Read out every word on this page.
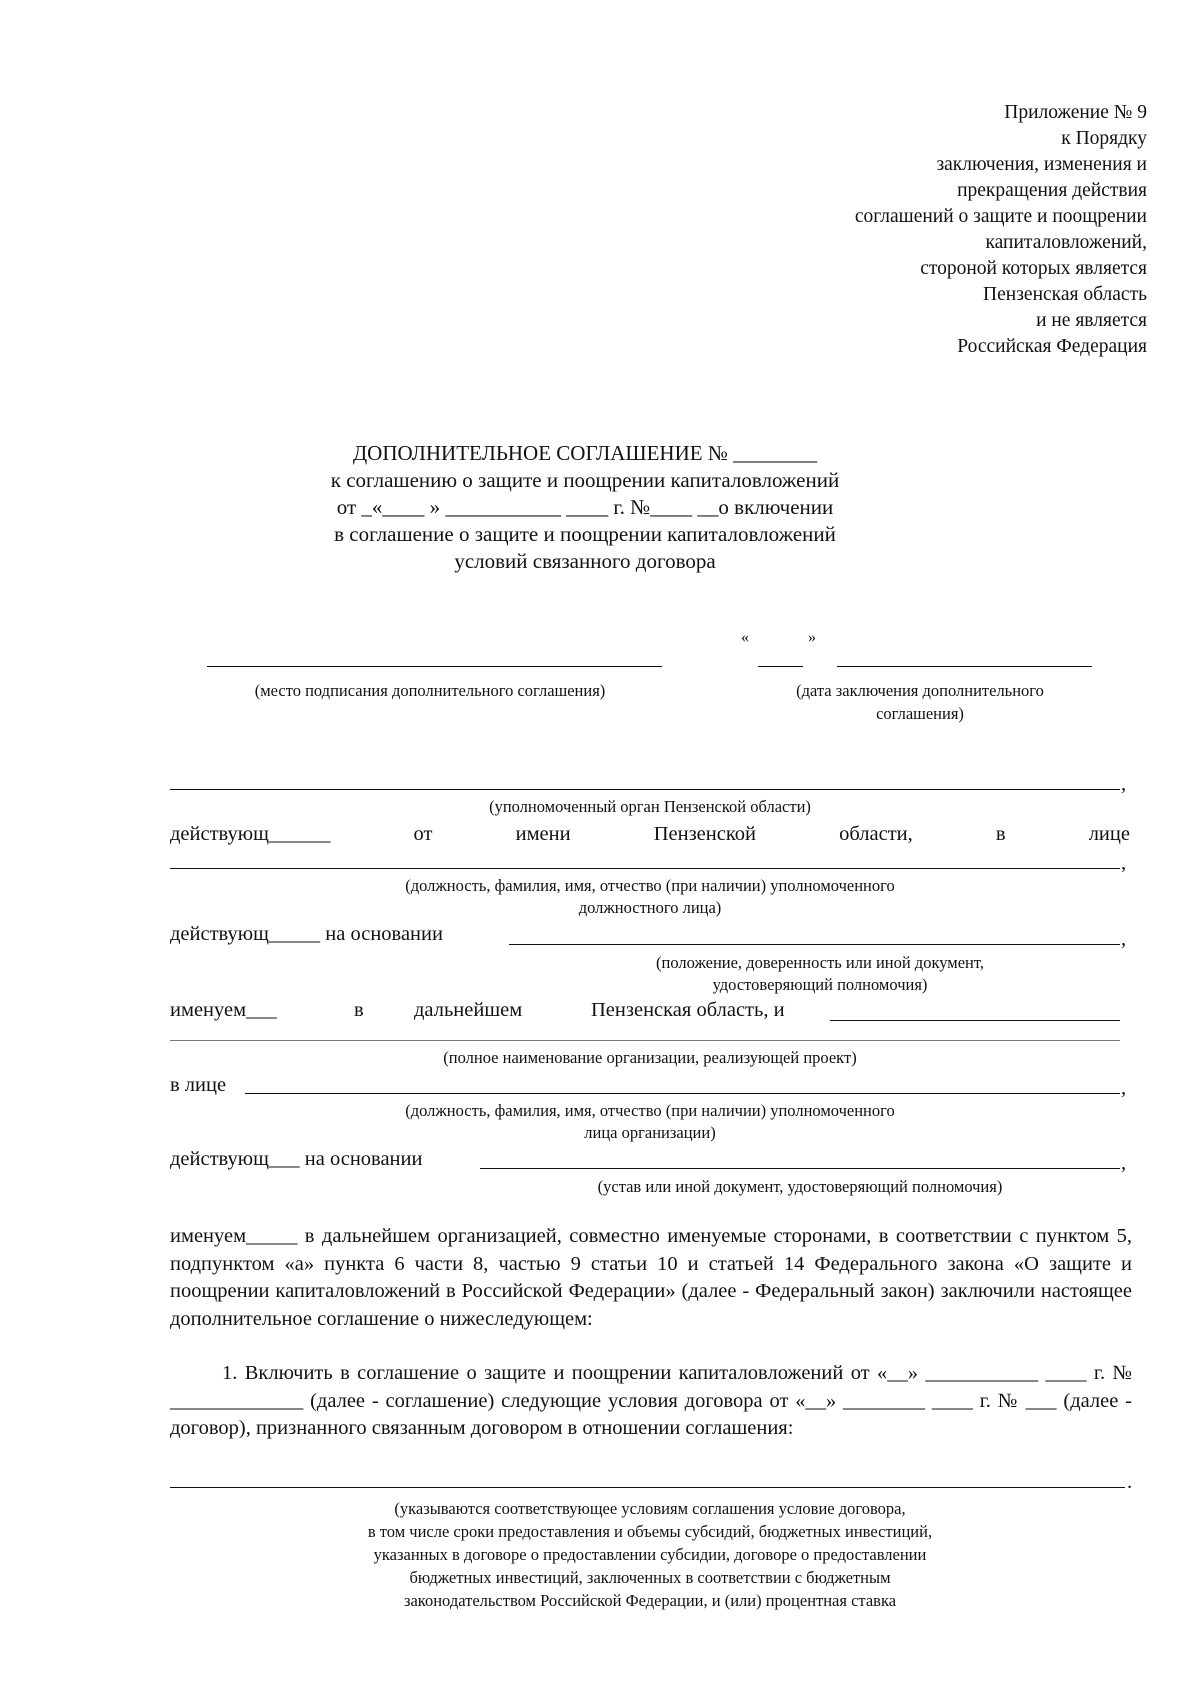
Приложение № 9
к Порядку
заключения, изменения и
прекращения действия
соглашений о защите и поощрении
капиталовложений,
стороной которых является
Пензенская область
и не является
Российская Федерация
ДОПОЛНИТЕЛЬНОЕ СОГЛАШЕНИЕ № ________
к соглашению о защите и поощрении капиталовложений
от _«____ » ___________ ____ г. №____ __о включении
в соглашение о защите и поощрении капиталовложений
условий связанного договора
«	»
(место подписания дополнительного соглашения)	(дата заключения дополнительного
соглашения)
,
(уполномоченный орган Пензенской области)
действующ______	от	имени	Пензенской	области,	в	лице
,
(должность, фамилия, имя, отчество (при наличии) уполномоченного
должностного лица)
действующ_____ на основании	,
(положение, доверенность или иной документ,
удостоверяющий полномочия)
именуем___	в дальнейшем	Пензенская область, и
(полное наименование организации, реализующей проект)
в лице	,
(должность, фамилия, имя, отчество (при наличии) уполномоченного
лица организации)
действующ___ на основании	,
(устав или иной документ, удостоверяющий полномочия)
именуем_____ в дальнейшем организацией, совместно именуемые сторонами, в соответствии с пунктом 5, подпунктом «а» пункта 6 части 8, частью 9 статьи 10 и статьей 14 Федерального закона «О защите и поощрении капиталовложений в Российской Федерации» (далее - Федеральный закон) заключили настоящее дополнительное соглашение о нижеследующем:
1. Включить в соглашение о защите и поощрении капиталовложений от «__» ___________ ____ г. № _____________ (далее - соглашение) следующие условия договора от «__» ________ ____ г. № ___ (далее - договор), признанного связанным договором в отношении соглашения:
.
(указываются соответствующее условиям соглашения условие договора,
в том числе сроки предоставления и объемы субсидий, бюджетных инвестиций,
указанных в договоре о предоставлении субсидии, договоре о предоставлении
бюджетных инвестиций, заключенных в соответствии с бюджетным
законодательством Российской Федерации, и (или) процентная ставка
